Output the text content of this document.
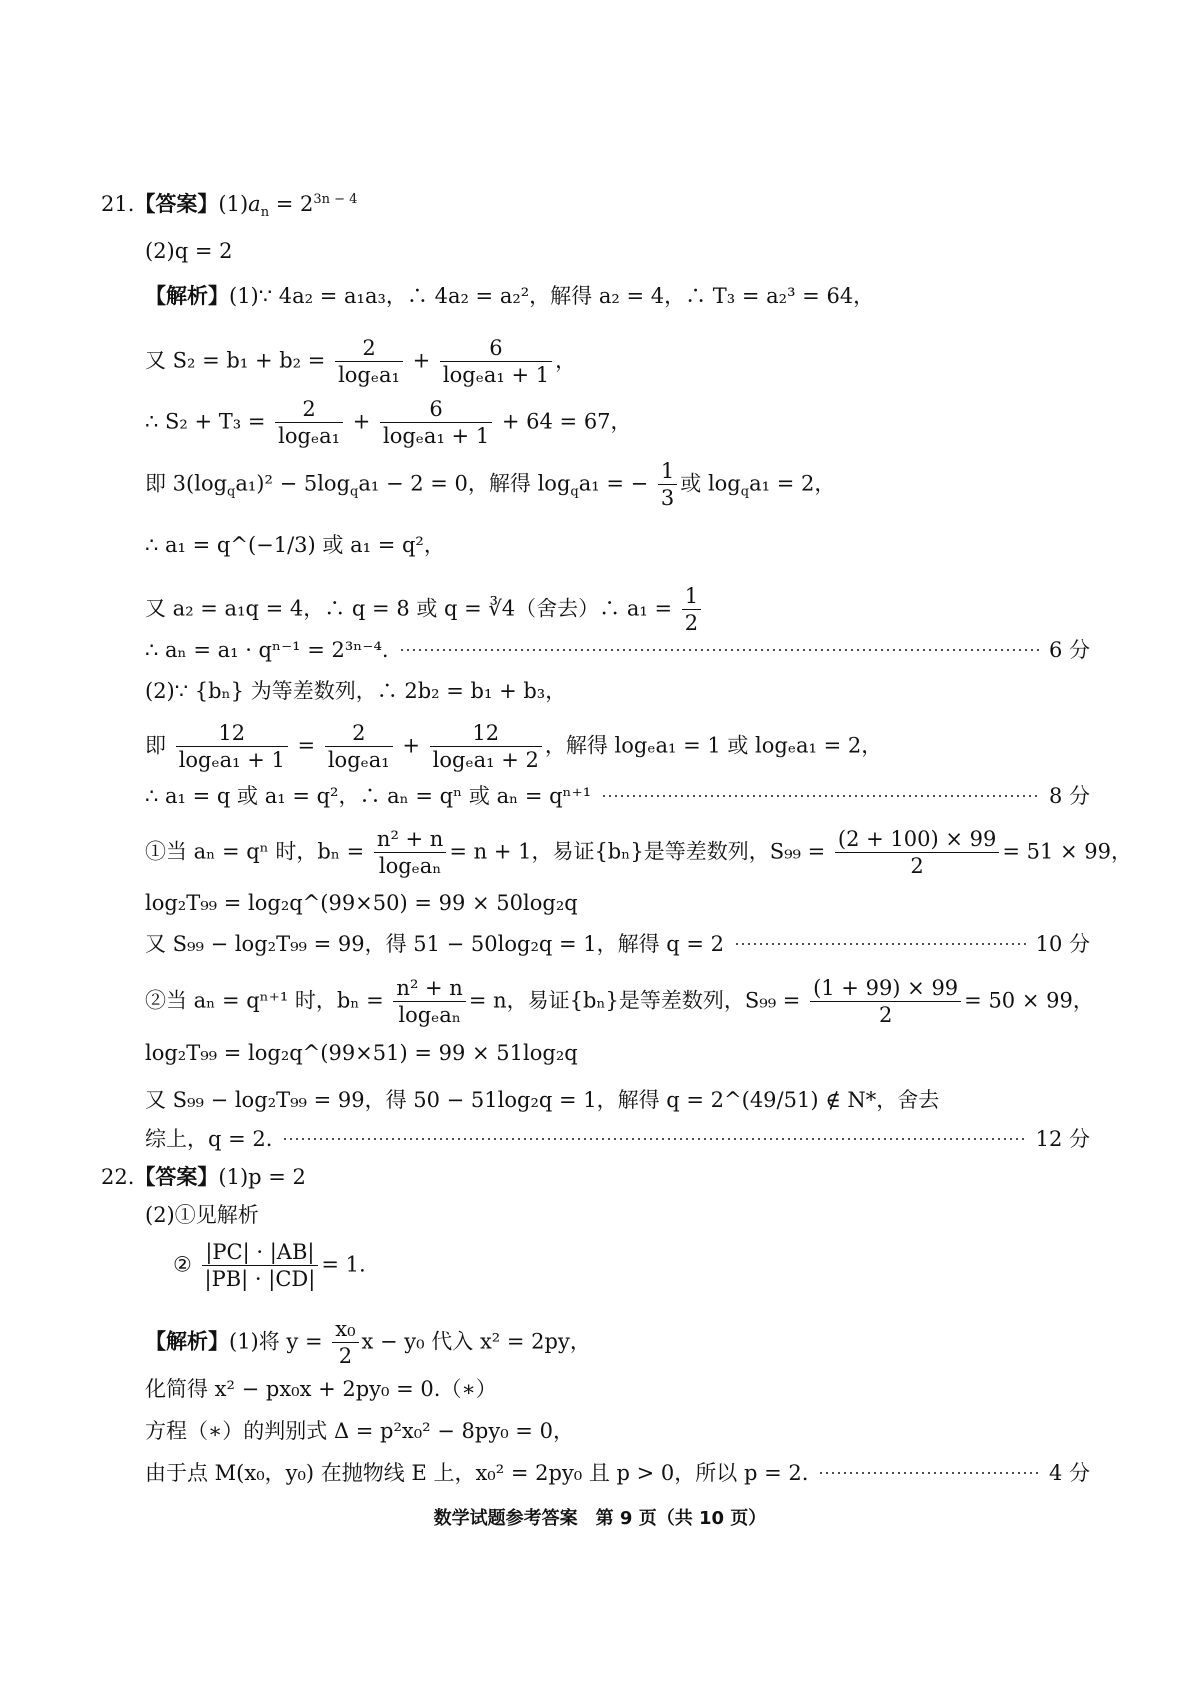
21.【答案】$(1)a_n = 2^{3n - 4}$
(2)q = 2
【解析】(1)∵ 4a₂ = a₁a₃，∴ 4a₂ = a₂²，解得 a₂ = 4，∴ T₃ = a₂³ = 64，
又 $S_2 = b_1 + b_2 = \frac{2}{\text{logₑa₁}} + \frac{6}{\text{logₑa₁ + 1}}$ ，
∴ $S_2 + T_3 = \frac{2}{\text{logₑa₁}} + \frac{6}{\text{logₑa₁ + 1}} + 64 = 67$，
即 $3(\log_qa_1)^2 - 5\log_qa_1 - 2 = 0$，解得 $\log_qa_1$ = − $\frac{1}{3}$ 或 $\log_qa_1 = 2$，
∴ a₁ = q^(−1/3) 或 a₁ = q²，
又 a₂ = a₁q = 4，∴ q = 8 或 q = ∛4（舍去）∴ $a_1 = \frac{1}{2}$
∴ aₙ = a₁ · qⁿ⁻¹ = 2³ⁿ⁻⁴.	6 分
(2)∵ {bₙ} 为等差数列，∴ 2b₂ = b₁ + b₃，
即 $\frac{12}{\text{logₑa₁ + 1}} = \frac{2}{\text{logₑa₁}} + \frac{12}{\text{logₑa₁ + 2}}$ ，解得 logₑa₁ = 1 或 logₑa₁ = 2，
∴ a₁ = q 或 a₁ = q²，∴ aₙ = qⁿ 或 aₙ = qⁿ⁺¹	8 分
①当 aₙ = qⁿ 时，$b_n = \frac{\text{n² + n}}{\text{logₑaₙ}} = n + 1$，易证{bₙ}是等差数列，$S_{99} = \frac{(2 + 100) \times 99}{2} = 51 \times 99$，
log₂T₉₉ = log₂q^(99×50) = 99 × 50log₂q
又 S₉₉ − log₂T₉₉ = 99，得 51 − 50log₂q = 1，解得 q = 2	10 分
②当 aₙ = qⁿ⁺¹ 时，$b_n = \frac{\text{n² + n}}{\text{logₑaₙ}} = n$，易证{bₙ}是等差数列，$S_{99} = \frac{(1 + 99) \times 99}{2} = 50 \times 99$，
log₂T₉₉ = log₂q^(99×51) = 99 × 51log₂q
又 S₉₉ − log₂T₉₉ = 99，得 50 − 51log₂q = 1，解得 q = 2^(49/51) ∉ N*，舍去
综上，q = 2.	12 分
22.【答案】(1)p = 2
(2)①见解析
② $\frac{|PC| \cdot |AB|}{|PB| \cdot |CD|} = 1$.
【解析】(1)将 $y = \frac{\text{x₀}}{2}$ x − y₀ 代入 x² = 2py，
化简得 x² − px₀x + 2py₀ = 0.（∗）
方程（∗）的判别式 Δ = p²x₀² − 8py₀ = 0，
由于点 M(x₀，y₀) 在抛物线 E 上，x₀² = 2py₀ 且 p > 0，所以 p = 2.	4 分
数学试题参考答案　第 9 页（共 10 页）
